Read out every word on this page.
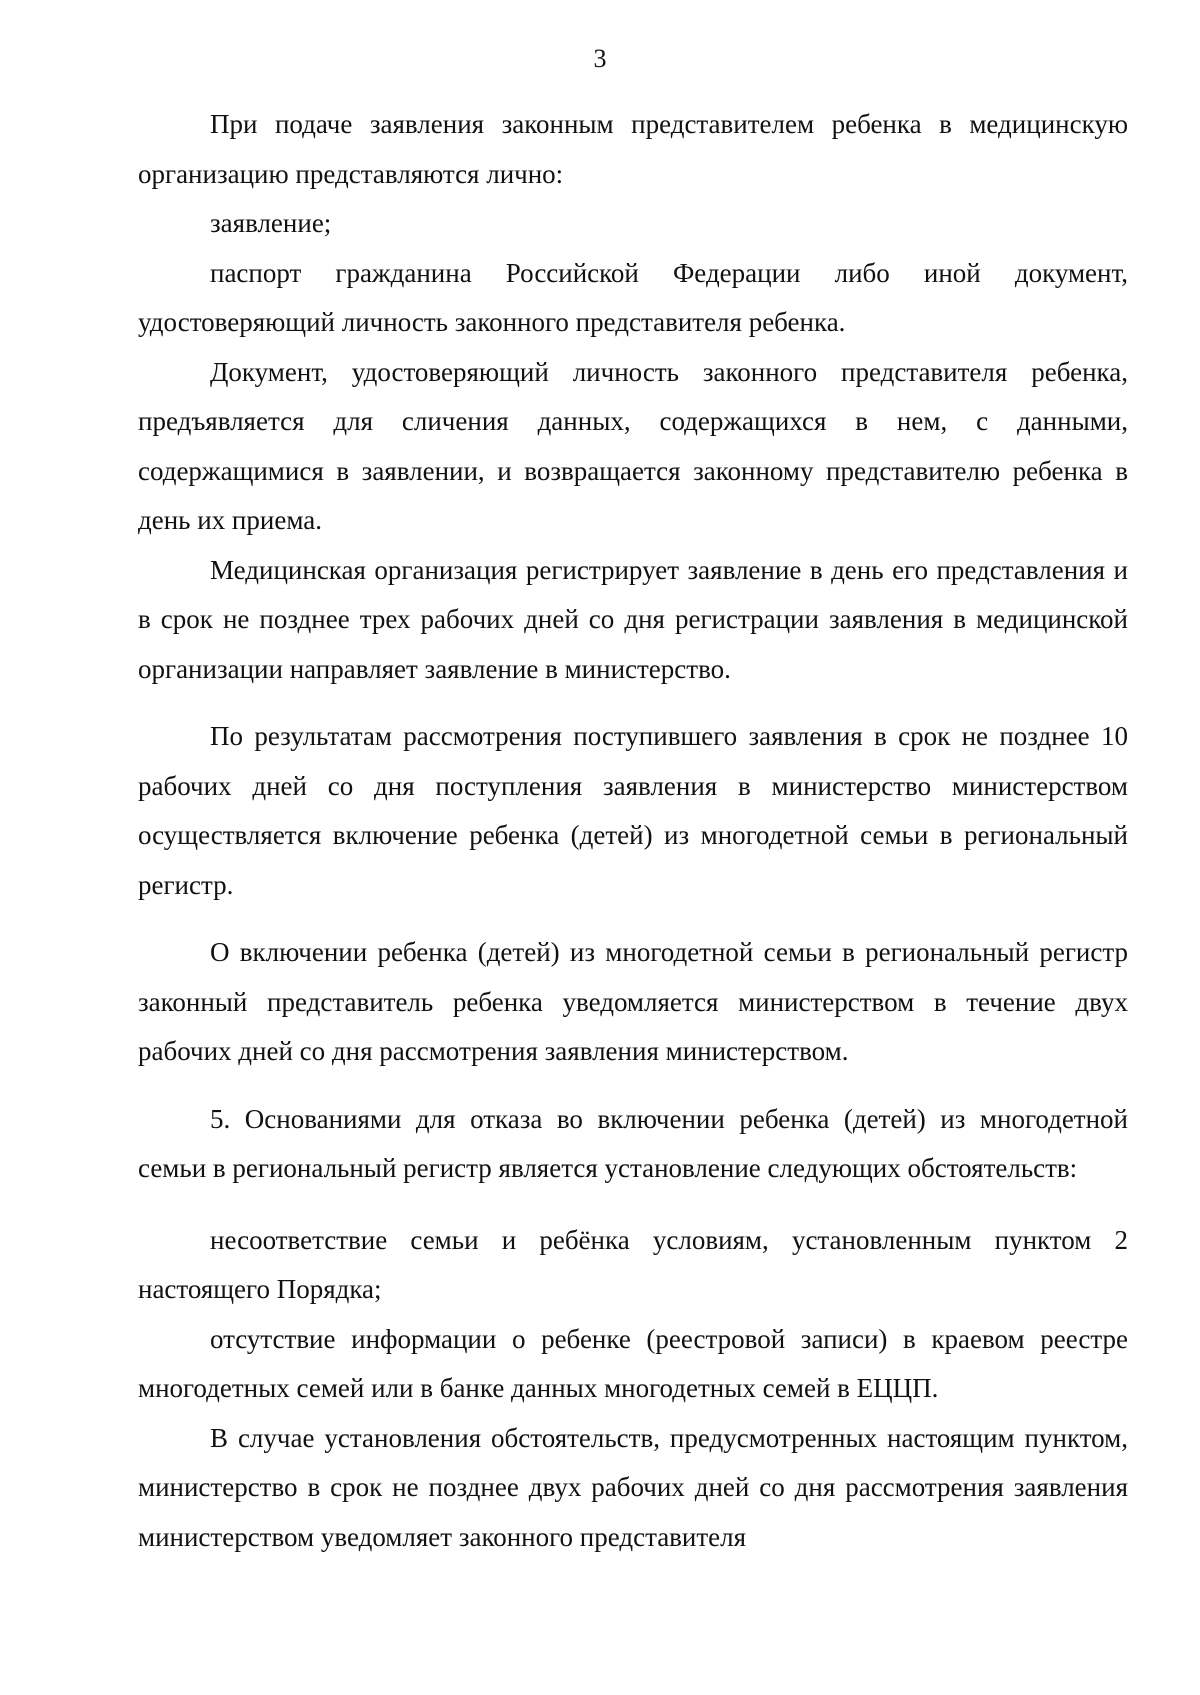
3

При подаче заявления законным представителем ребенка в медицинскую организацию представляются лично:

заявление;

паспорт гражданина Российской Федерации либо иной документ, удостоверяющий личность законного представителя ребенка.

Документ, удостоверяющий личность законного представителя ребенка, предъявляется для сличения данных, содержащихся в нем, с данными, содержащимися в заявлении, и возвращается законному представителю ребенка в день их приема.

Медицинская организация регистрирует заявление в день его представления и в срок не позднее трех рабочих дней со дня регистрации заявления в медицинской организации направляет заявление в министерство.

По результатам рассмотрения поступившего заявления в срок не позднее 10 рабочих дней со дня поступления заявления в министерство министерством осуществляется включение ребенка (детей) из многодетной семьи в региональный регистр.

О включении ребенка (детей) из многодетной семьи в региональный регистр законный представитель ребенка уведомляется министерством в течение двух рабочих дней со дня рассмотрения заявления министерством.

5. Основаниями для отказа во включении ребенка (детей) из многодетной семьи в региональный регистр является установление следующих обстоятельств:

несоответствие семьи и ребёнка условиям, установленным пунктом 2 настоящего Порядка;

отсутствие информации о ребенке (реестровой записи) в краевом реестре многодетных семей или в банке данных многодетных семей в ЕЦЦП.

В случае установления обстоятельств, предусмотренных настоящим пунктом, министерство в срок не позднее двух рабочих дней со дня рассмотрения заявления министерством уведомляет законного представителя
